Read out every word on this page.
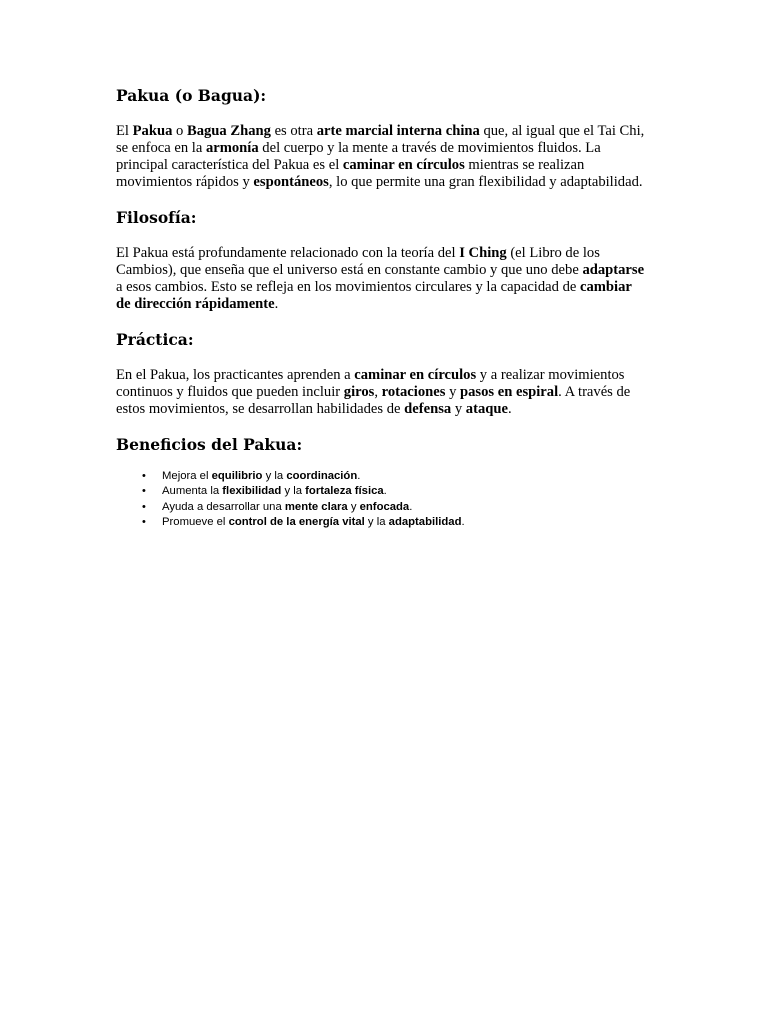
Pakua (o Bagua):

El Pakua o Bagua Zhang es otra arte marcial interna china que, al igual que el Tai Chi, se enfoca en la armonía del cuerpo y la mente a través de movimientos fluidos. La principal característica del Pakua es el caminar en círculos mientras se realizan movimientos rápidos y espontáneos, lo que permite una gran flexibilidad y adaptabilidad.

Filosofía:

El Pakua está profundamente relacionado con la teoría del I Ching (el Libro de los Cambios), que enseña que el universo está en constante cambio y que uno debe adaptarse a esos cambios. Esto se refleja en los movimientos circulares y la capacidad de cambiar de dirección rápidamente.

Práctica:

En el Pakua, los practicantes aprenden a caminar en círculos y a realizar movimientos continuos y fluidos que pueden incluir giros, rotaciones y pasos en espiral. A través de estos movimientos, se desarrollan habilidades de defensa y ataque.

Beneficios del Pakua:
• Mejora el equilibrio y la coordinación.
• Aumenta la flexibilidad y la fortaleza física.
• Ayuda a desarrollar una mente clara y enfocada.
• Promueve el control de la energía vital y la adaptabilidad.
